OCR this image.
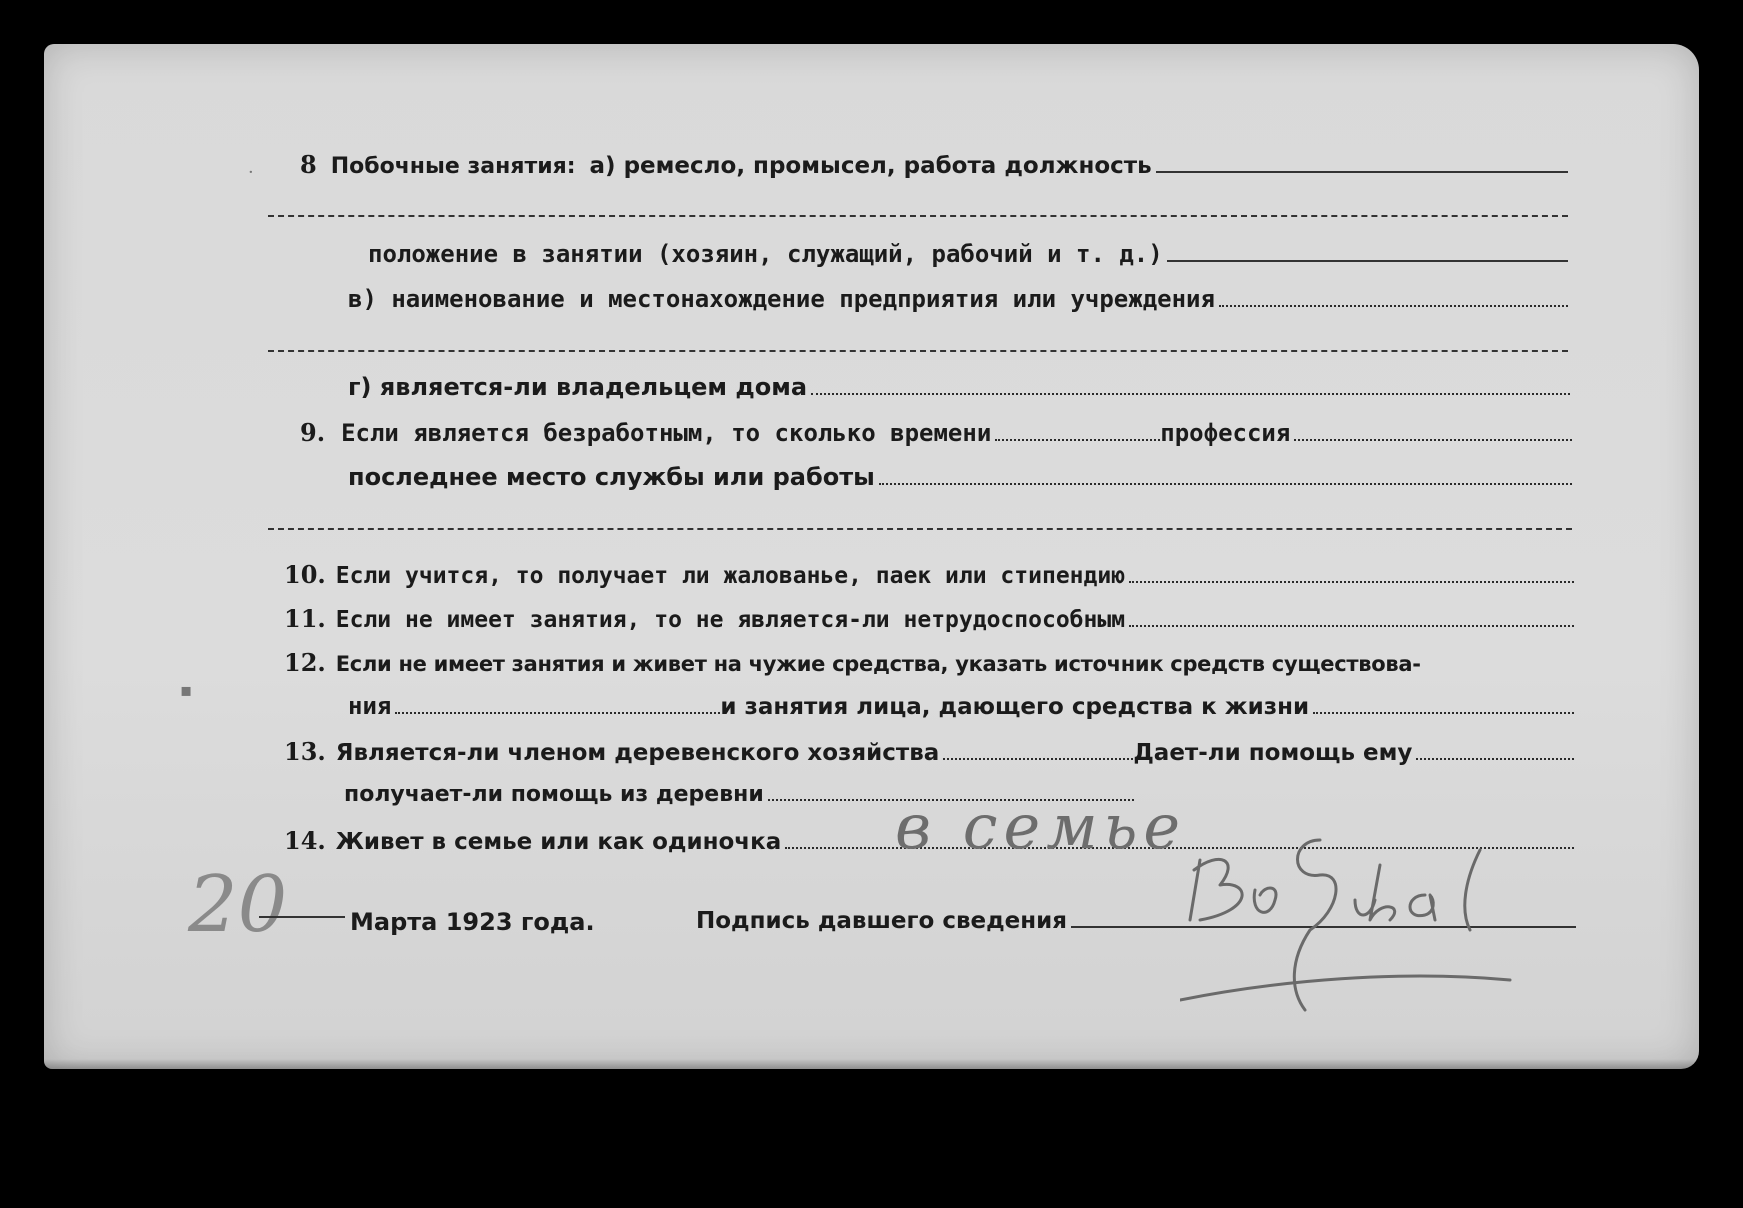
8 Побочные занятия: а) ремесло, промысел, работа должность
положение в занятии (хозяин, служащий, рабочий и т. д.)
в) наименование и местонахождение предприятия или учреждения
г) является-ли владельцем дома
9. Если является безработным, то сколько времени	профессия
последнее место службы или работы
10. Если учится, то получает ли жалованье, паек или стипендию
11. Если не имеет занятия, то не является-ли нетрудоспособным
12. Если не имеет занятия и живет на чужие средства, указать источник средств существова-
ния	и занятия лица, дающего средства к жизни
13. Является-ли членом деревенского хозяйства	Дает-ли помощь ему
получает-ли помощь из деревни
14. Живет в семье или как одиночка в семье
20	Марта 1923 года.	Подпись давшего сведения
·
▪
